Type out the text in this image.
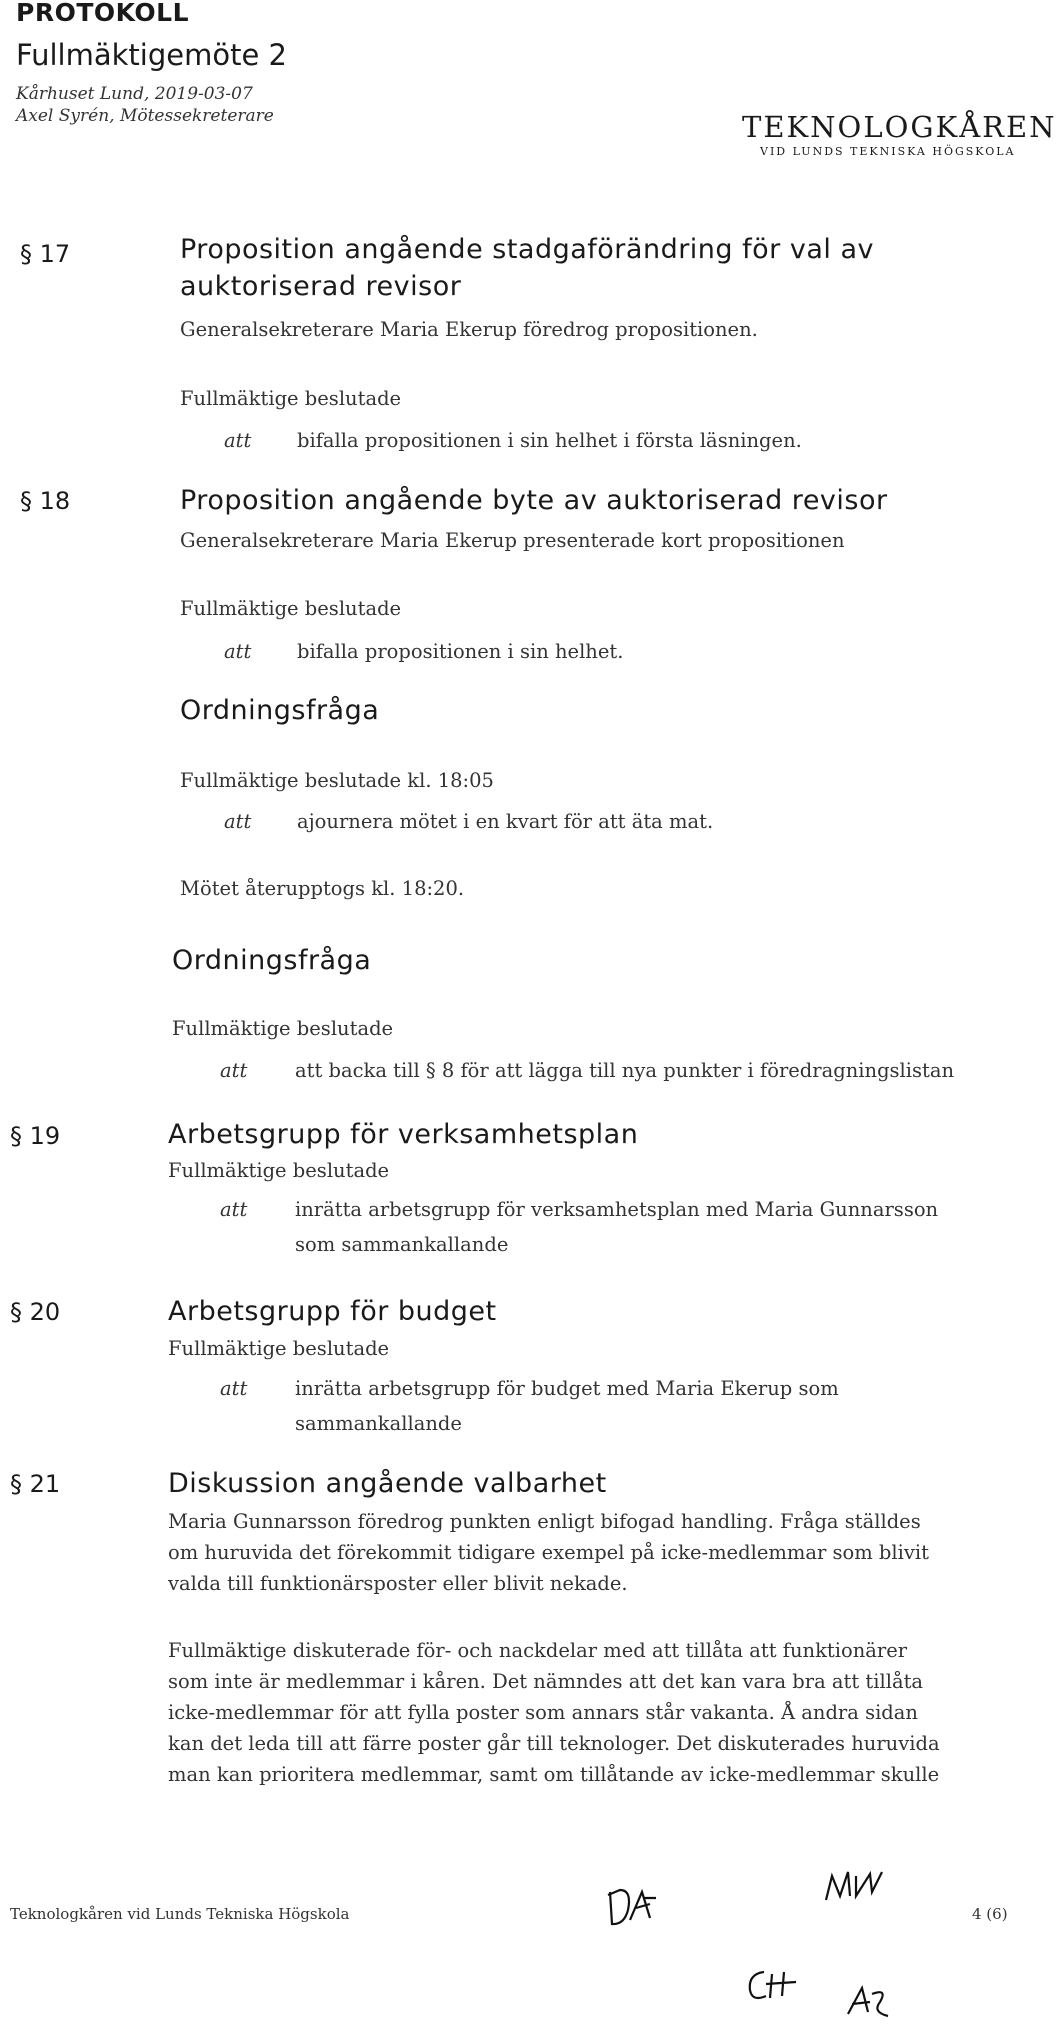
PROTOKOLL
Fullmäktigemöte 2
Kårhuset Lund, 2019-03-07
Axel Syrén, Mötessekreterare	TEKNOLOGKÅREN
VID LUNDS TEKNISKA HÖGSKOLA
§ 17	Proposition angående stadgaförändring för val av auktoriserad revisor
Generalsekreterare Maria Ekerup föredrog propositionen.
Fullmäktige beslutade
att bifalla propositionen i sin helhet i första läsningen.
§ 18	Proposition angående byte av auktoriserad revisor
Generalsekreterare Maria Ekerup presenterade kort propositionen
Fullmäktige beslutade
att bifalla propositionen i sin helhet.
Ordningsfråga
Fullmäktige beslutade kl. 18:05
att ajournera mötet i en kvart för att äta mat.
Mötet återupptogs kl. 18:20.
Ordningsfråga
Fullmäktige beslutade
att att backa till § 8 för att lägga till nya punkter i föredragningslistan
§ 19	Arbetsgrupp för verksamhetsplan
Fullmäktige beslutade
att inrätta arbetsgrupp för verksamhetsplan med Maria Gunnarsson
som sammankallande
§ 20	Arbetsgrupp för budget
Fullmäktige beslutade
att inrätta arbetsgrupp för budget med Maria Ekerup som
sammankallande
§ 21	Diskussion angående valbarhet
Maria Gunnarsson föredrog punkten enligt bifogad handling. Fråga ställdes
om huruvida det förekommit tidigare exempel på icke-medlemmar som blivit
valda till funktionärsposter eller blivit nekade.
Fullmäktige diskuterade för- och nackdelar med att tillåta att funktionärer
som inte är medlemmar i kåren. Det nämndes att det kan vara bra att tillåta
icke-medlemmar för att fylla poster som annars står vakanta. Å andra sidan
kan det leda till att färre poster går till teknologer. Det diskuterades huruvida
man kan prioritera medlemmar, samt om tillåtande av icke-medlemmar skulle
Teknologkåren vid Lunds Tekniska Högskola	4 (6)
